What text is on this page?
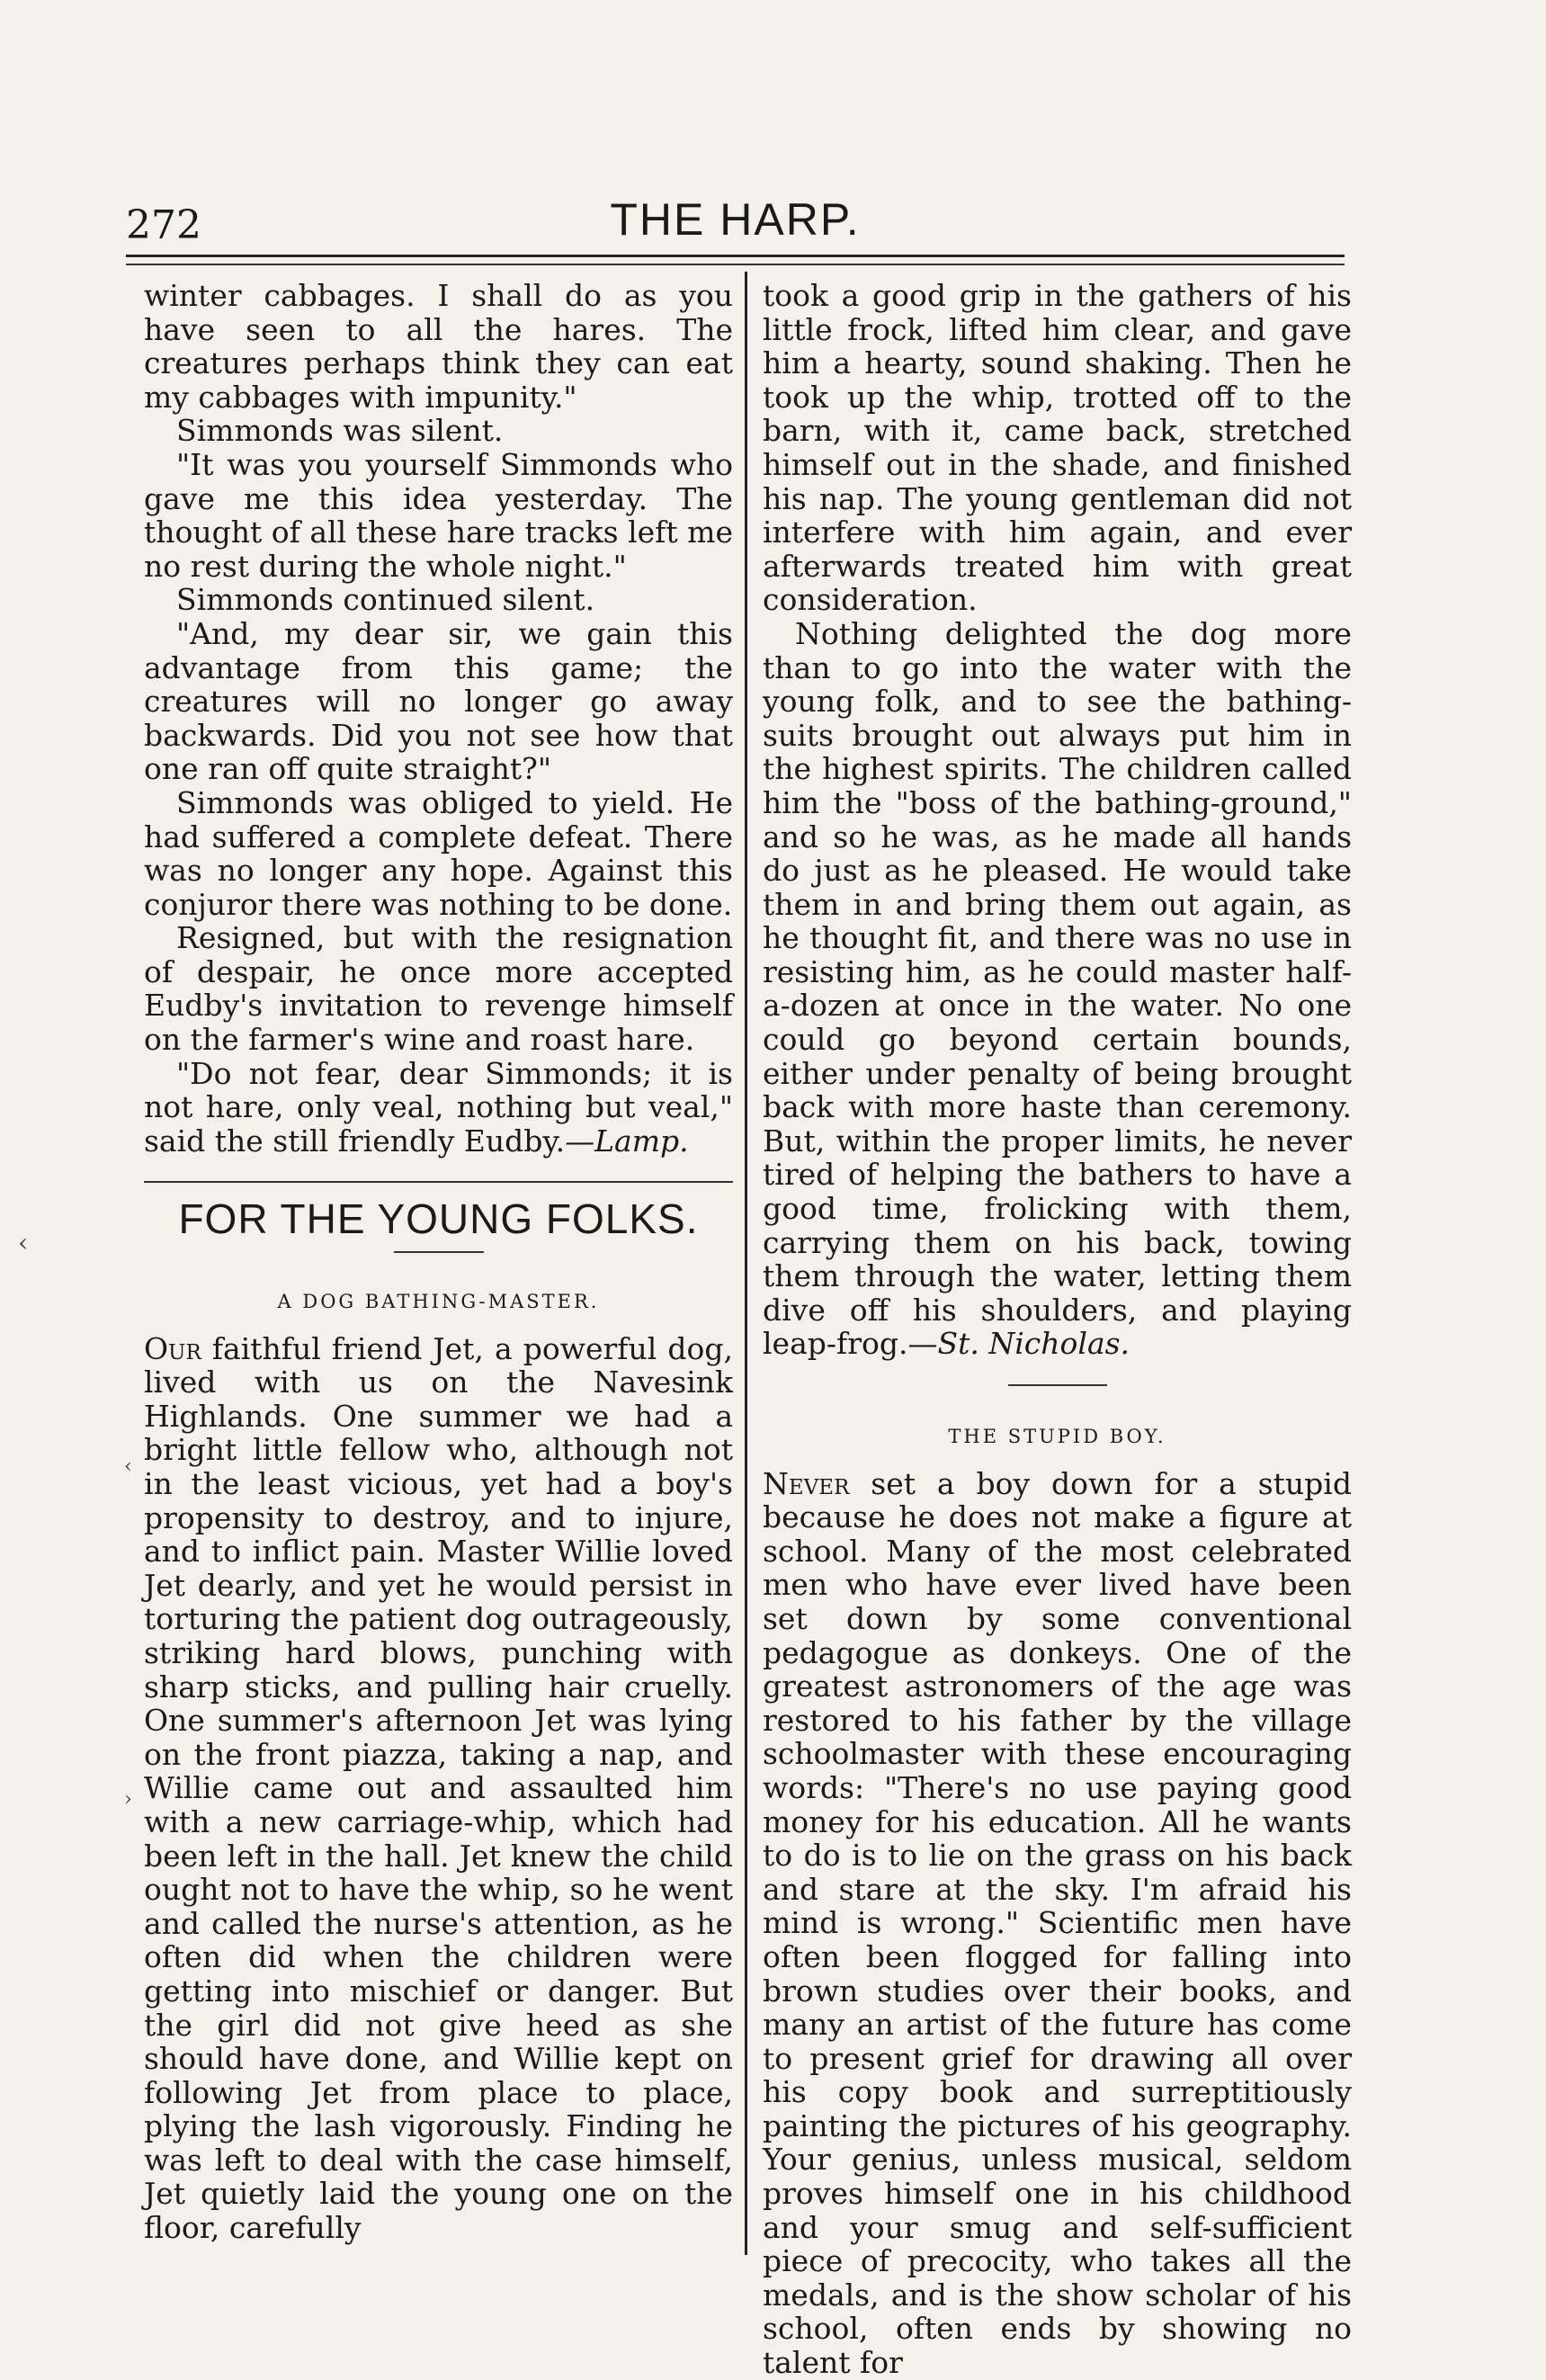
272	THE HARP.

winter cabbages. I shall do as you have seen to all the hares. The creatures perhaps think they can eat my cabbages with impunity."

Simmonds was silent.

"It was you yourself Simmonds who gave me this idea yesterday. The thought of all these hare tracks left me no rest during the whole night."

Simmonds continued silent.

"And, my dear sir, we gain this advantage from this game; the creatures will no longer go away backwards. Did you not see how that one ran off quite straight?"

Simmonds was obliged to yield. He had suffered a complete defeat. There was no longer any hope. Against this conjuror there was nothing to be done.

Resigned, but with the resignation of despair, he once more accepted Eudby's invitation to revenge himself on the farmer's wine and roast hare.

"Do not fear, dear Simmonds; it is not hare, only veal, nothing but veal," said the still friendly Eudby.—Lamp.

FOR THE YOUNG FOLKS.
A DOG BATHING-MASTER.

Our faithful friend Jet, a powerful dog, lived with us on the Navesink Highlands. One summer we had a bright little fellow who, although not in the least vicious, yet had a boy's propensity to destroy, and to injure, and to inflict pain. Master Willie loved Jet dearly, and yet he would persist in torturing the patient dog outrageously, striking hard blows, punching with sharp sticks, and pulling hair cruelly. One summer's afternoon Jet was lying on the front piazza, taking a nap, and Willie came out and assaulted him with a new carriage-whip, which had been left in the hall. Jet knew the child ought not to have the whip, so he went and called the nurse's attention, as he often did when the children were getting into mischief or danger. But the girl did not give heed as she should have done, and Willie kept on following Jet from place to place, plying the lash vigorously. Finding he was left to deal with the case himself, Jet quietly laid the young one on the floor, carefully

took a good grip in the gathers of his little frock, lifted him clear, and gave him a hearty, sound shaking. Then he took up the whip, trotted off to the barn, with it, came back, stretched himself out in the shade, and finished his nap. The young gentleman did not interfere with him again, and ever afterwards treated him with great consideration.

Nothing delighted the dog more than to go into the water with the young folk, and to see the bathing-suits brought out always put him in the highest spirits. The children called him the "boss of the bathing-ground," and so he was, as he made all hands do just as he pleased. He would take them in and bring them out again, as he thought fit, and there was no use in resisting him, as he could master half-a-dozen at once in the water. No one could go beyond certain bounds, either under penalty of being brought back with more haste than ceremony. But, within the proper limits, he never tired of helping the bathers to have a good time, frolicking with them, carrying them on his back, towing them through the water, letting them dive off his shoulders, and playing leap-frog.—St. Nicholas.

THE STUPID BOY.

Never set a boy down for a stupid because he does not make a figure at school. Many of the most celebrated men who have ever lived have been set down by some conventional pedagogue as donkeys. One of the greatest astronomers of the age was restored to his father by the village schoolmaster with these encouraging words: "There's no use paying good money for his education. All he wants to do is to lie on the grass on his back and stare at the sky. I'm afraid his mind is wrong." Scientific men have often been flogged for falling into brown studies over their books, and many an artist of the future has come to present grief for drawing all over his copy book and surreptitiously painting the pictures of his geography. Your genius, unless musical, seldom proves himself one in his childhood and your smug and self-sufficient piece of precocity, who takes all the medals, and is the show scholar of his school, often ends by showing no talent for

‹
‹
›
